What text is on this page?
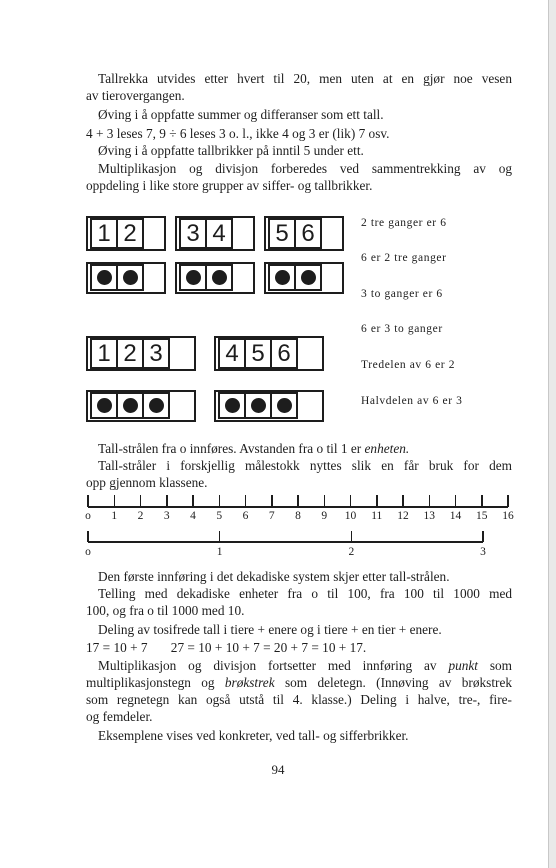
Tallrekka utvides etter hvert til 20, men uten at en gjør noe vesen
av tierovergangen.
Øving i å oppfatte summer og differanser som ett tall.
4 + 3 leses 7, 9 ÷ 6 leses 3 o. l., ikke 4 og 3 er (lik) 7 osv.
Øving i å oppfatte tallbrikker på inntil 5 under ett.
Multiplikasjon og divisjon forberedes ved sammentrekking av og
oppdeling i like store grupper av siffer- og tallbrikker.
1 2	3 4	5 6
1 2 3	4 5 6
2 tre ganger er 6
6 er 2 tre ganger
3 to ganger er 6
6 er 3 to ganger
Tredelen av 6 er 2
Halvdelen av 6 er 3
Tall-strålen fra o innføres. Avstanden fra o til 1 er enheten.
Tall-stråler i forskjellig målestokk nyttes slik en får bruk for dem
opp gjennom klassene.
o 1 2 3 4 5 6 7 8 9 10 11 12 13 14 15 16
o	1	2	3
Den første innføring i det dekadiske system skjer etter tall-strålen.
Telling med dekadiske enheter fra o til 100, fra 100 til 1000 med
100, og fra o til 1000 med 10.
Deling av tosifrede tall i tiere + enere og i tiere + en tier + enere.
17 = 10 + 7       27 = 10 + 10 + 7 = 20 + 7 = 10 + 17.
Multiplikasjon og divisjon fortsetter med innføring av punkt som
multiplikasjonstegn og brøkstrek som deletegn. (Innøving av brøkstrek
som regnetegn kan også utstå til 4. klasse.) Deling i halve, tre-, fire-
og femdeler.
Eksemplene vises ved konkreter, ved tall- og sifferbrikker.
94
